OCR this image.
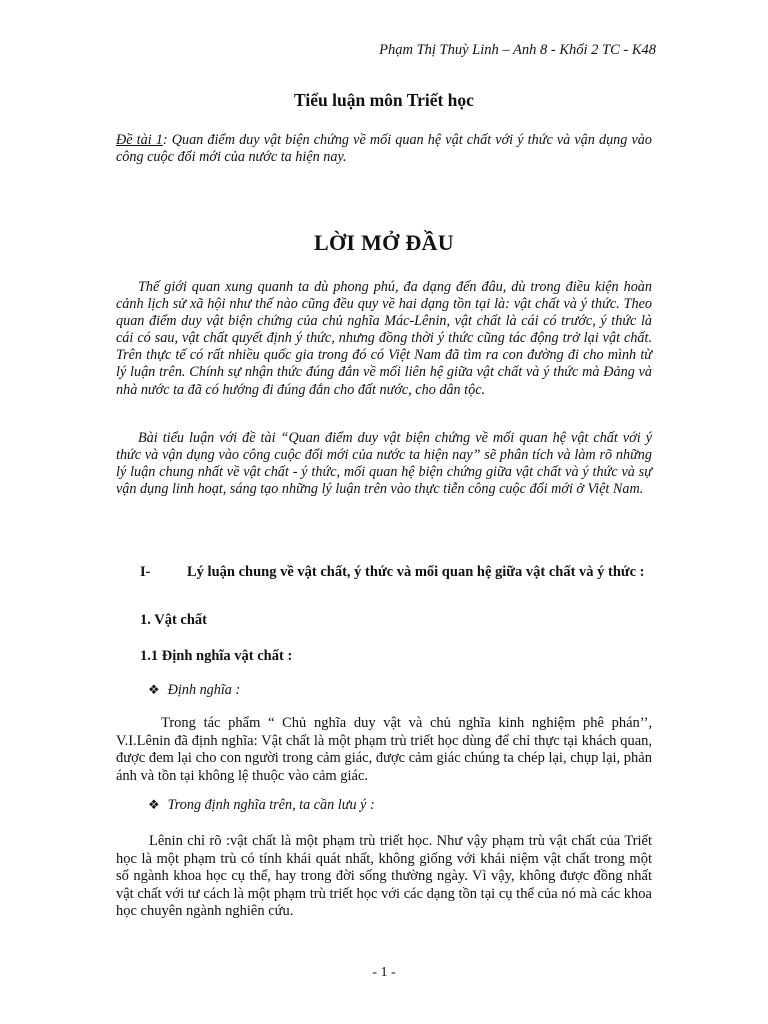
Phạm Thị Thuỳ Linh – Anh 8 - Khối 2 TC - K48
Tiểu luận môn Triết học
Đề tài 1: Quan điểm duy vật biện chứng về mối quan hệ vật chất với ý thức và vận dụng vào công cuộc đổi mới của nước ta hiện nay.
LỜI MỞ ĐẦU
Thế giới quan xung quanh ta dù phong phú, đa dạng đến đâu, dù trong điều kiện hoàn cảnh lịch sử xã hội như thế nào cũng đều quy về hai dạng tồn tại là: vật chất và ý thức. Theo quan điểm duy vật biện chứng của chủ nghĩa Mác-Lênin, vật chất là cái có trước, ý thức là cái có sau, vật chất quyết định ý thức, nhưng đồng thời ý thức cũng tác động trở lại vật chất. Trên thực tế có rất nhiều quốc gia trong đó có Việt Nam đã tìm ra con đường đi cho mình từ lý luận trên. Chính sự nhận thức đúng đắn về mối liên hệ giữa vật chất và ý thức mà Đảng và nhà nước ta đã có hướng đi đúng đắn cho đất nước, cho dân tộc.
Bài tiểu luận với đề tài “Quan điểm duy vật biện chứng về mối quan hệ vật chất với ý thức và vận dụng vào công cuộc đổi mới của nước ta hiện nay” sẽ phân tích và làm rõ những lý luận chung nhất về vật chất - ý thức, mối quan hệ biện chứng giữa vật chất và ý thức và sự vận dụng linh hoạt, sáng tạo những lý luận trên vào thực tiễn công cuộc đổi mới ở Việt Nam.
I-	Lý luận chung về vật chất, ý thức và mối quan hệ giữa vật chất và ý thức :
1. Vật chất
1.1 Định nghĩa vật chất :
❖ Định nghĩa :
Trong tác phẩm “ Chủ nghĩa duy vật và chủ nghĩa kinh nghiệm phê phán’’, V.I.Lênin đã định nghĩa: Vật chất là một phạm trù triết học dùng để chỉ thực tại khách quan, được đem lại cho con người trong cảm giác, được cảm giác chúng ta chép lại, chụp lại, phản ánh và tồn tại không lệ thuộc vào cảm giác.
❖ Trong định nghĩa trên, ta cần lưu ý :
Lênin chỉ rõ :vật chất là một phạm trù triết học. Như vậy phạm trù vật chất của Triết học là một phạm trù có tính khái quát nhất, không giống với khái niệm vật chất trong một số ngành khoa học cụ thể, hay trong đời sống thường ngày. Vì vậy, không được đồng nhất vật chất với tư cách là một phạm trù triết học với các dạng tồn tại cụ thể của nó mà các khoa học chuyên ngành nghiên cứu.
- 1 -
